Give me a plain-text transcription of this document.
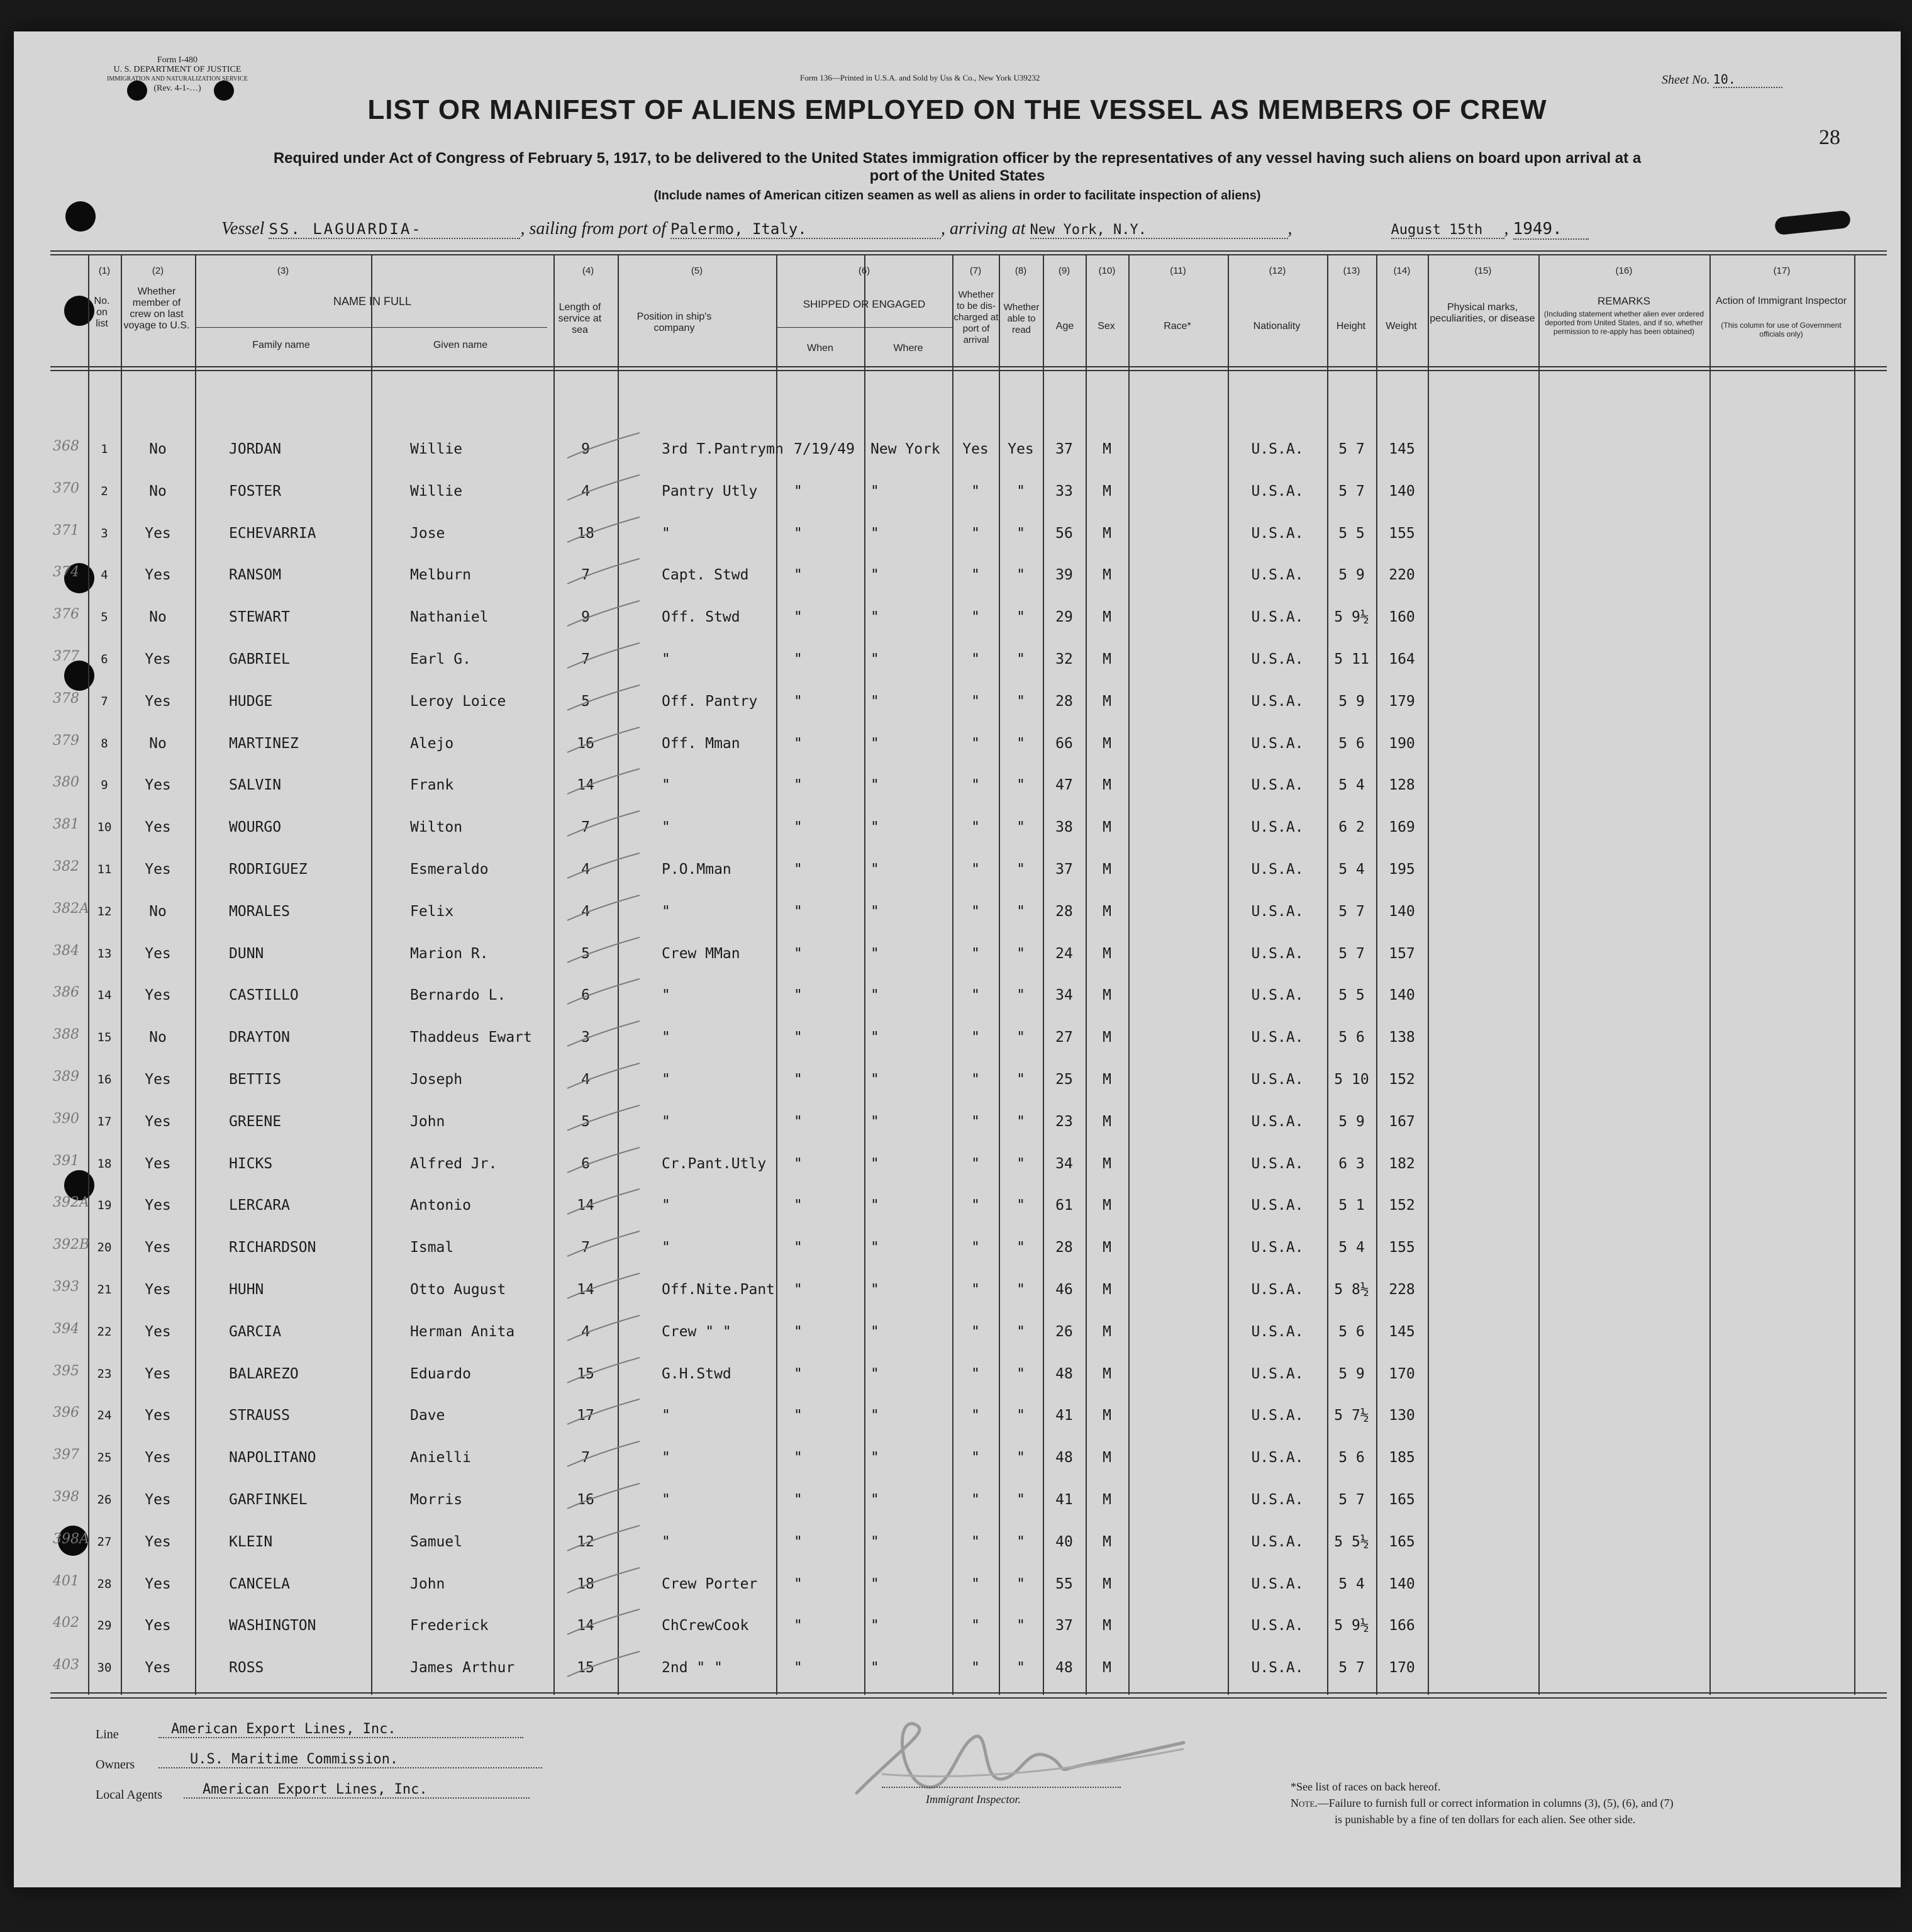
Form I-480
U. S. DEPARTMENT OF JUSTICE
IMMIGRATION AND NATURALIZATION SERVICE
(Rev. 4-1-…)
Form 136—Printed in U.S.A. and Sold by Uss & Co., New York U39232	Sheet No. 10.
28
LIST OR MANIFEST OF ALIENS EMPLOYED ON THE VESSEL AS MEMBERS OF CREW
Required under Act of Congress of February 5, 1917, to be delivered to the United States immigration officer by the representatives of any vessel having such aliens on board upon arrival at a
port of the United States
(Include names of American citizen seamen as well as aliens in order to facilitate inspection of aliens)
Vessel SS. LAGUARDIA-	, sailing from port of Palermo, Italy.	, arriving at New York, N.Y.	,	August 15th , 1949.
(1)	(2)	(3)	(4)	(5)	(6)	(7)	(8)	(9)	(10)	(11)	(12)	(13)	(14)	(15)	(16)	(17)
No. on list
Whether member of crew on last voyage to U.S.
NAME IN FULL
Family name	Given name
Length of service at sea
Position in ship's company
SHIPPED OR ENGAGED
When	Where
Whether to be dis-charged at port of arrival
Whether able to read	Age	Sex	Race*	Nationality	Height	Weight
Physical marks, peculiarities, or disease
REMARKS
(Including statement whether alien ever ordered deported from United States, and if so, whether permission to re-apply has been obtained)
Action of Immigrant Inspector
(This column for use of Government officials only)
368	1	No	JORDAN	Willie	9	3rd T.Pantrymn 7/19/49	New York	Yes	Yes	37	M	U.S.A.	5 7	145
370	2	No	FOSTER	Willie	4	Pantry Utly	"	"	"	"	33	M	U.S.A.	5 7	140
371	3	Yes	ECHEVARRIA	Jose	18	"	"	"	"	"	56	M	U.S.A.	5 5	155
374	4	Yes	RANSOM	Melburn	7	Capt. Stwd	"	"	"	"	39	M	U.S.A.	5 9	220
376	5	No	STEWART	Nathaniel	9	Off. Stwd	"	"	"	"	29	M	U.S.A.	5 9½	160
377	6	Yes	GABRIEL	Earl G.	7	"	"	"	"	"	32	M	U.S.A.	5 11	164
378	7	Yes	HUDGE	Leroy Loice	5	Off. Pantry	"	"	"	"	28	M	U.S.A.	5 9	179
379	8	No	MARTINEZ	Alejo	16	Off. Mman	"	"	"	"	66	M	U.S.A.	5 6	190
380	9	Yes	SALVIN	Frank	14	"	"	"	"	"	47	M	U.S.A.	5 4	128
381	10	Yes	WOURGO	Wilton	7	"	"	"	"	"	38	M	U.S.A.	6 2	169
382	11	Yes	RODRIGUEZ	Esmeraldo	4	P.O.Mman	"	"	"	"	37	M	U.S.A.	5 4	195
382A 12	No	MORALES	Felix	4	"	"	"	"	"	28	M	U.S.A.	5 7	140
384	13	Yes	DUNN	Marion R.	5	Crew MMan	"	"	"	"	24	M	U.S.A.	5 7	157
386	14	Yes	CASTILLO	Bernardo L.	6	"	"	"	"	"	34	M	U.S.A.	5 5	140
388	15	No	DRAYTON	Thaddeus Ewart	3	"	"	"	"	"	27	M	U.S.A.	5 6	138
389	16	Yes	BETTIS	Joseph	4	"	"	"	"	"	25	M	U.S.A.	5 10	152
390	17	Yes	GREENE	John	5	"	"	"	"	"	23	M	U.S.A.	5 9	167
391	18	Yes	HICKS	Alfred Jr.	6	Cr.Pant.Utly	"	"	"	"	34	M	U.S.A.	6 3	182
392A 19	Yes	LERCARA	Antonio	14	"	"	"	"	"	61	M	U.S.A.	5 1	152
392B 20	Yes	RICHARDSON	Ismal	7	"	"	"	"	"	28	M	U.S.A.	5 4	155
393	21	Yes	HUHN	Otto August	14	Off.Nite.Pant	"	"	"	"	46	M	U.S.A.	5 8½	228
394	22	Yes	GARCIA	Herman Anita	4	Crew " "	"	"	"	"	26	M	U.S.A.	5 6	145
395	23	Yes	BALAREZO	Eduardo	15	G.H.Stwd	"	"	"	"	48	M	U.S.A.	5 9	170
396	24	Yes	STRAUSS	Dave	17	"	"	"	"	"	41	M	U.S.A.	5 7½	130
397	25	Yes	NAPOLITANO	Anielli	7	"	"	"	"	"	48	M	U.S.A.	5 6	185
398	26	Yes	GARFINKEL	Morris	16	"	"	"	"	"	41	M	U.S.A.	5 7	165
398A 27	Yes	KLEIN	Samuel	12	"	"	"	"	"	40	M	U.S.A.	5 5½	165
401	28	Yes	CANCELA	John	18	Crew Porter	"	"	"	"	55	M	U.S.A.	5 4	140
402	29	Yes	WASHINGTON	Frederick	14	ChCrewCook	"	"	"	"	37	M	U.S.A.	5 9½	166
403	30	Yes	ROSS	James Arthur	15	2nd " "	"	"	"	"	48	M	U.S.A.	5 7	170
Line	American Export Lines, Inc.
Owners	U.S. Maritime Commission.
Local Agents	American Export Lines, Inc.
Immigrant Inspector.
*See list of races on back hereof.
Note.—Failure to furnish full or correct information in columns (3), (5), (6), and (7)
is punishable by a fine of ten dollars for each alien. See other side.
